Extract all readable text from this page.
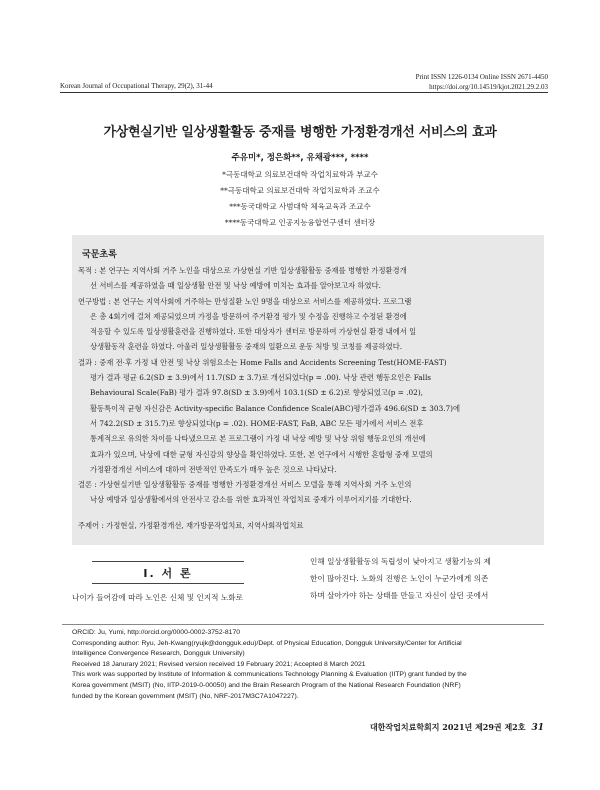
Print ISSN 1226-0134 Online ISSN 2671-4450
https://doi.org/10.14519/kjot.2021.29.2.03
Korean Journal of Occupational Therapy, 29(2), 31-44
가상현실기반 일상생활활동 중재를 병행한 가정환경개선 서비스의 효과
주유미*, 정은화**, 유채광***, ****
*극동대학교 의료보건대학 작업치료학과 부교수
**극동대학교 의료보건대학 작업치료학과 조교수
***동국대학교 사범대학 체육교육과 조교수
****동국대학교 인공지능융합연구센터 센터장
국문초록
목적 : 본 연구는 지역사회 거주 노인을 대상으로 가상현실 기반 일상생활활동 중재를 병행한 가정환경개
선 서비스를 제공하였을 때 일상생활 안전 및 낙상 예방에 미치는 효과를 알아보고자 하였다.
연구방법 : 본 연구는 지역사회에 거주하는 만성질환 노인 9명을 대상으로 서비스를 제공하였다. 프로그램
은 총 4회기에 걸쳐 제공되었으며 가정을 방문하여 주거환경 평가 및 수정을 진행하고 수정된 환경에
적응할 수 있도록 일상생활훈련을 진행하였다. 또한 대상자가 센터로 방문하여 가상현실 환경 내에서 일
상생활동작 훈련을 하였다. 아울러 일상생활활동 중재의 일환으로 운동 처방 및 코칭를 제공하였다.
결과 : 중재 전·후 가정 내 안전 및 낙상 위험요소는 Home Falls and Accidents Screening Test(HOME-FAST)
평가 결과 평균 6.2(SD ± 3.9)에서 11.7(SD ± 3.7)로 개선되었다(p = .00). 낙상 관련 행동요인은 Falls
Behavioural Scale(FaB) 평가 결과 97.8(SD ± 3.9)에서 103.1(SD ± 6.2)로 향상되었고(p = .02),
활동특이적 균형 자신감은 Activity-specific Balance Confidence Scale(ABC)평가결과 496.6(SD ± 303.7)에
서 742.2(SD ± 315.7)로 향상되었다(p = .02). HOME-FAST, FaB, ABC 모든 평가에서 서비스 전후
통계적으로 유의한 차이를 나타냈으므로 본 프로그램이 가정 내 낙상 예방 및 낙상 위험 행동요인의 개선에
효과가 있으며, 낙상에 대한 균형 자신감의 향상을 확인하였다. 또한, 본 연구에서 시행한 혼합형 중재 모델의
가정환경개선 서비스에 대하여 전반적인 만족도가 매우 높은 것으로 나타났다.
결론 : 가상현실기반 일상생활활동 중재를 병행한 가정환경개선 서비스 모델을 통해 지역사회 거주 노인의
낙상 예방과 일상생활에서의 안전사고 감소를 위한 효과적인 작업치료 중재가 이루어지기를 기대한다.
주제어 : 가정현실, 가정환경개선, 재가방문작업치료, 지역사회작업치료
Ⅰ. 서 론
나이가 들어감에 따라 노인은 신체 및 인지적 노화로
인해 일상생활활동의 독립성이 낮아지고 생활기능의 제
한이 많아진다. 노화의 진행은 노인이 누군가에게 의존
하며 살아가야 하는 상태를 만들고 자신이 살던 곳에서
ORCID: Ju, Yumi, http://orcid.org/0000-0002-3752-8170
Corresponding author: Ryu, Jeh-Kwang(ryujk@dongguk.edu)/Dept. of Physical Education, Dongguk University/Center for Artificial
Intelligence Convergence Research, Dongguk University)
Received 18 Janurary 2021; Revised version received 19 February 2021; Accepted 8 March 2021
This work was supported by Institute of Information & communications Technology Planning & Evaluation (IITP) grant funded by the
Korea government (MSIT) (No, IITP-2019-0-00050) and the Brain Research Program of the National Research Foundation (NRF)
funded by the Korean government (MSIT) (No, NRF-2017M3C7A1047227).
대한작업치료학회지 2021년 제29권 제2호 31
